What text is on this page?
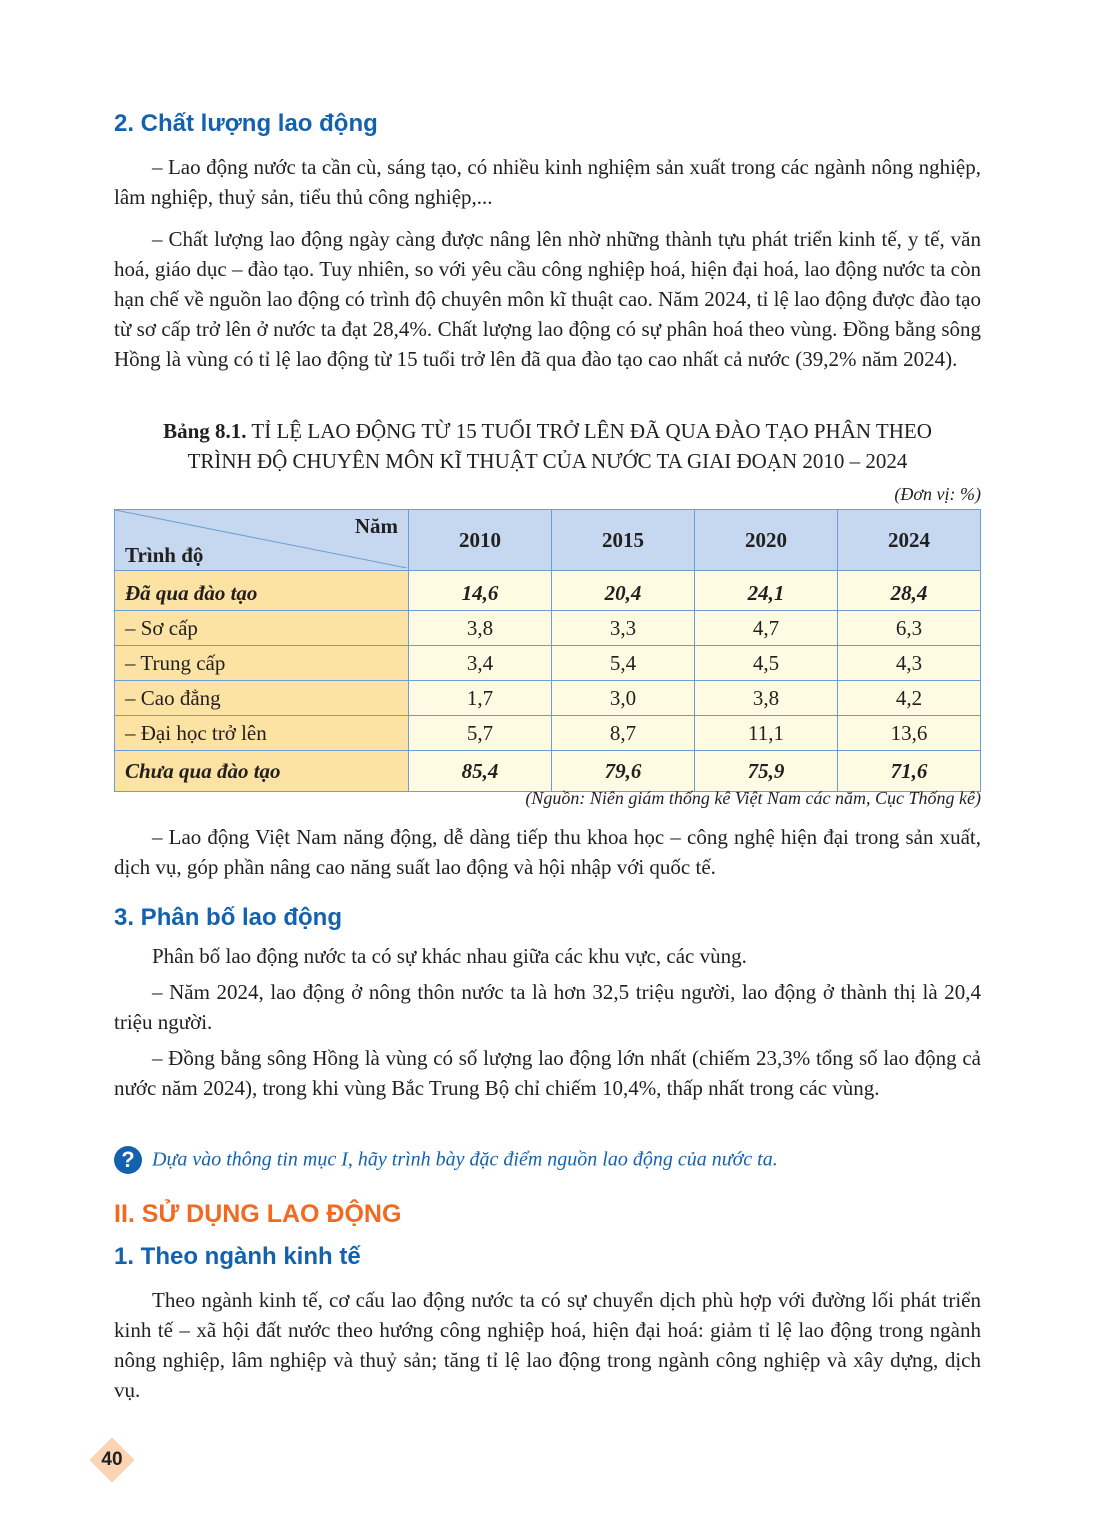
2. Chất lượng lao động
– Lao động nước ta cần cù, sáng tạo, có nhiều kinh nghiệm sản xuất trong các ngành nông nghiệp, lâm nghiệp, thuỷ sản, tiểu thủ công nghiệp,...
– Chất lượng lao động ngày càng được nâng lên nhờ những thành tựu phát triển kinh tế, y tế, văn hoá, giáo dục – đào tạo. Tuy nhiên, so với yêu cầu công nghiệp hoá, hiện đại hoá, lao động nước ta còn hạn chế về nguồn lao động có trình độ chuyên môn kĩ thuật cao. Năm 2024, tỉ lệ lao động được đào tạo từ sơ cấp trở lên ở nước ta đạt 28,4%. Chất lượng lao động có sự phân hoá theo vùng. Đồng bằng sông Hồng là vùng có tỉ lệ lao động từ 15 tuổi trở lên đã qua đào tạo cao nhất cả nước (39,2% năm 2024).
Bảng 8.1. TỈ LỆ LAO ĐỘNG TỪ 15 TUỔI TRỞ LÊN ĐÃ QUA ĐÀO TẠO PHÂN THEO
TRÌNH ĐỘ CHUYÊN MÔN KĨ THUẬT CỦA NƯỚC TA GIAI ĐOẠN 2010 – 2024
(Đơn vị: %)
Năm
Trình độ	2010	2015	2020	2024
Đã qua đào tạo	14,6	20,4	24,1	28,4
– Sơ cấp	3,8	3,3	4,7	6,3
– Trung cấp	3,4	5,4	4,5	4,3
– Cao đẳng	1,7	3,0	3,8	4,2
– Đại học trở lên	5,7	8,7	11,1	13,6
Chưa qua đào tạo	85,4	79,6	75,9	71,6
(Nguồn: Niên giám thống kê Việt Nam các năm, Cục Thống kê)
– Lao động Việt Nam năng động, dễ dàng tiếp thu khoa học – công nghệ hiện đại trong sản xuất, dịch vụ, góp phần nâng cao năng suất lao động và hội nhập với quốc tế.
3. Phân bố lao động
Phân bố lao động nước ta có sự khác nhau giữa các khu vực, các vùng.
– Năm 2024, lao động ở nông thôn nước ta là hơn 32,5 triệu người, lao động ở thành thị là 20,4 triệu người.
– Đồng bằng sông Hồng là vùng có số lượng lao động lớn nhất (chiếm 23,3% tổng số lao động cả nước năm 2024), trong khi vùng Bắc Trung Bộ chỉ chiếm 10,4%, thấp nhất trong các vùng.
? Dựa vào thông tin mục I, hãy trình bày đặc điểm nguồn lao động của nước ta.
II. SỬ DỤNG LAO ĐỘNG
1. Theo ngành kinh tế
Theo ngành kinh tế, cơ cấu lao động nước ta có sự chuyển dịch phù hợp với đường lối phát triển kinh tế – xã hội đất nước theo hướng công nghiệp hoá, hiện đại hoá: giảm tỉ lệ lao động trong ngành nông nghiệp, lâm nghiệp và thuỷ sản; tăng tỉ lệ lao động trong ngành công nghiệp và xây dựng, dịch vụ.
40
